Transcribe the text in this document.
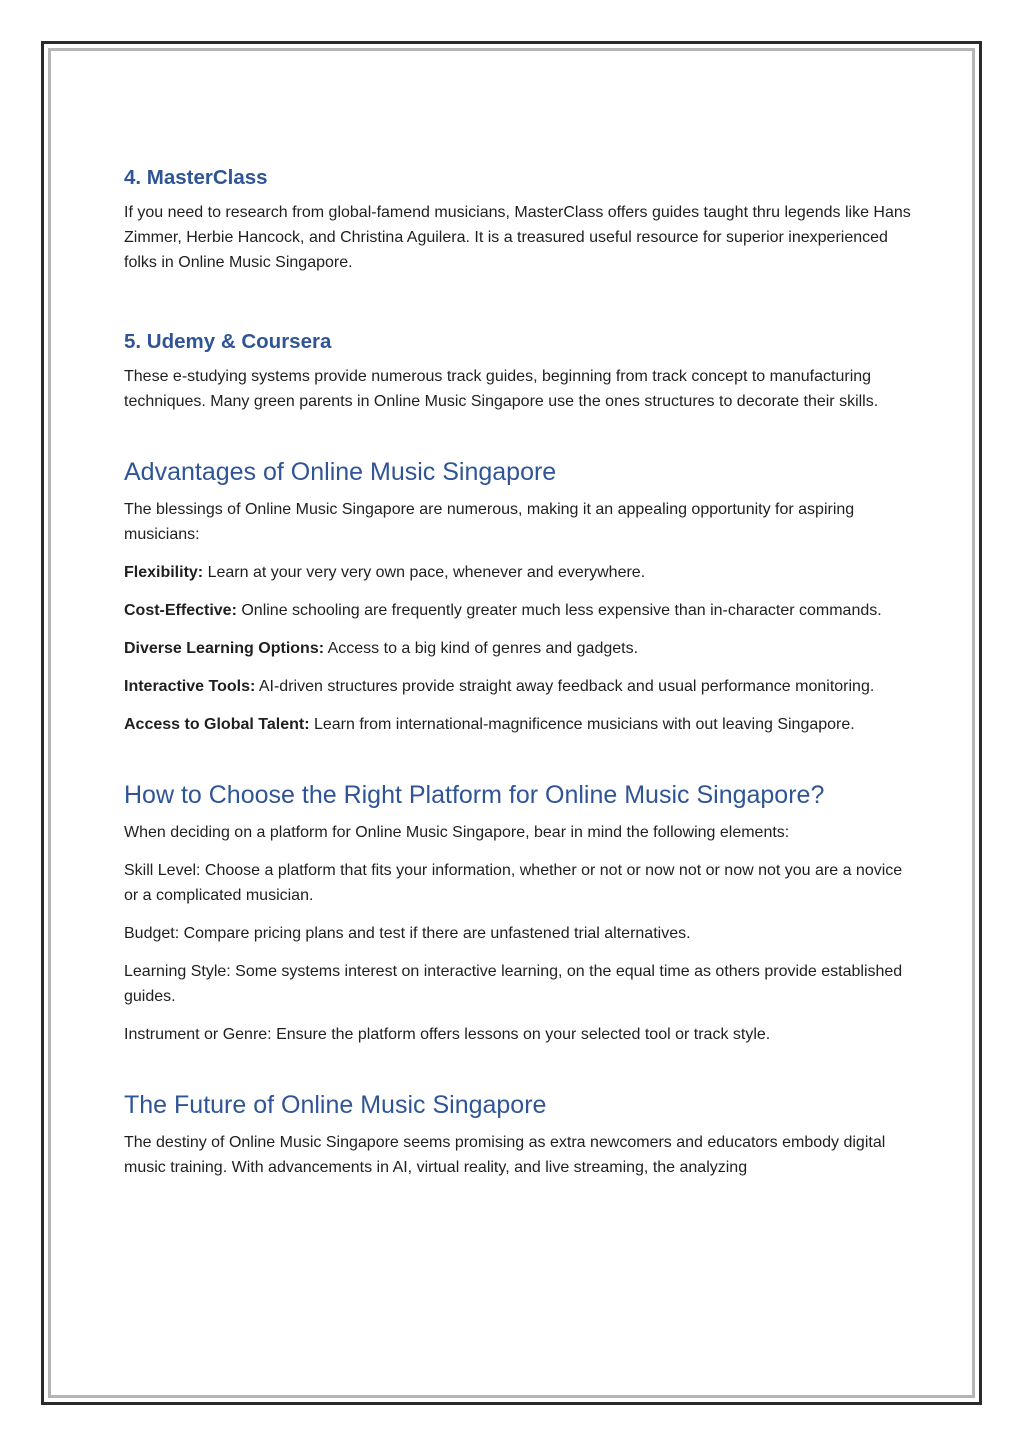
4. MasterClass

If you need to research from global-famend musicians, MasterClass offers guides taught thru legends like Hans Zimmer, Herbie Hancock, and Christina Aguilera. It is a treasured useful resource for superior inexperienced folks in Online Music Singapore.

5. Udemy & Coursera

These e-studying systems provide numerous track guides, beginning from track concept to manufacturing techniques. Many green parents in Online Music Singapore use the ones structures to decorate their skills.

Advantages of Online Music Singapore

The blessings of Online Music Singapore are numerous, making it an appealing opportunity for aspiring musicians:

Flexibility: Learn at your very very own pace, whenever and everywhere.

Cost-Effective: Online schooling are frequently greater much less expensive than in-character commands.

Diverse Learning Options: Access to a big kind of genres and gadgets.

Interactive Tools: AI-driven structures provide straight away feedback and usual performance monitoring.

Access to Global Talent: Learn from international-magnificence musicians with out leaving Singapore.

How to Choose the Right Platform for Online Music Singapore?

When deciding on a platform for Online Music Singapore, bear in mind the following elements:

Skill Level: Choose a platform that fits your information, whether or not or now not or now not you are a novice or a complicated musician.

Budget: Compare pricing plans and test if there are unfastened trial alternatives.

Learning Style: Some systems interest on interactive learning, on the equal time as others provide established guides.

Instrument or Genre: Ensure the platform offers lessons on your selected tool or track style.

The Future of Online Music Singapore

The destiny of Online Music Singapore seems promising as extra newcomers and educators embody digital music training. With advancements in AI, virtual reality, and live streaming, the analyzing
